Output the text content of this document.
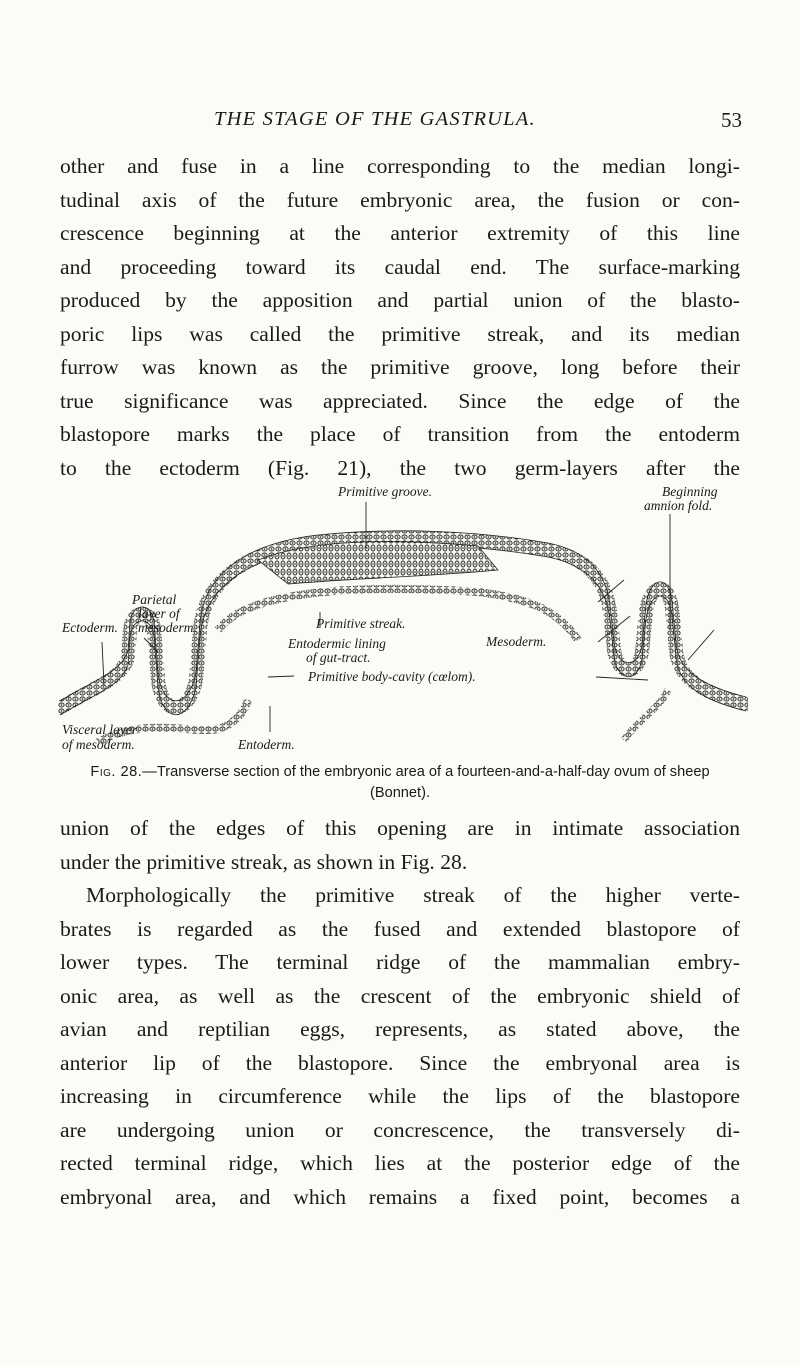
THE STAGE OF THE GASTRULA.	53
other and fuse in a line corresponding to the median longi-
tudinal axis of the future embryonic area, the fusion or con-
crescence beginning at the anterior extremity of this line
and proceeding toward its caudal end. The surface-marking
produced by the apposition and partial union of the blasto-
poric lips was called the primitive streak, and its median
furrow was known as the primitive groove, long before their
true significance was appreciated. Since the edge of the
blastopore marks the place of transition from the entoderm
to the ectoderm (Fig. 21), the two germ-layers after the
Primitive groove.	Beginning
amnion fold.
Parietal
layer of
mesoderm.
Ectoderm.	Primitive streak.
Entodermic lining
of gut-tract.
Mesoderm.
Primitive body-cavity (cœlom).
Visceral layer
of mesoderm.	Entoderm.

Fig. 28.—Transverse section of the embryonic area of a fourteen-and-a-half-day ovum of sheep (Bonnet).

union of the edges of this opening are in intimate association
under the primitive streak, as shown in Fig. 28.
Morphologically the primitive streak of the higher verte-
brates is regarded as the fused and extended blastopore of
lower types. The terminal ridge of the mammalian embry-
onic area, as well as the crescent of the embryonic shield of
avian and reptilian eggs, represents, as stated above, the
anterior lip of the blastopore. Since the embryonal area is
increasing in circumference while the lips of the blastopore
are undergoing union or concrescence, the transversely di-
rected terminal ridge, which lies at the posterior edge of the
embryonal area, and which remains a fixed point, becomes a
